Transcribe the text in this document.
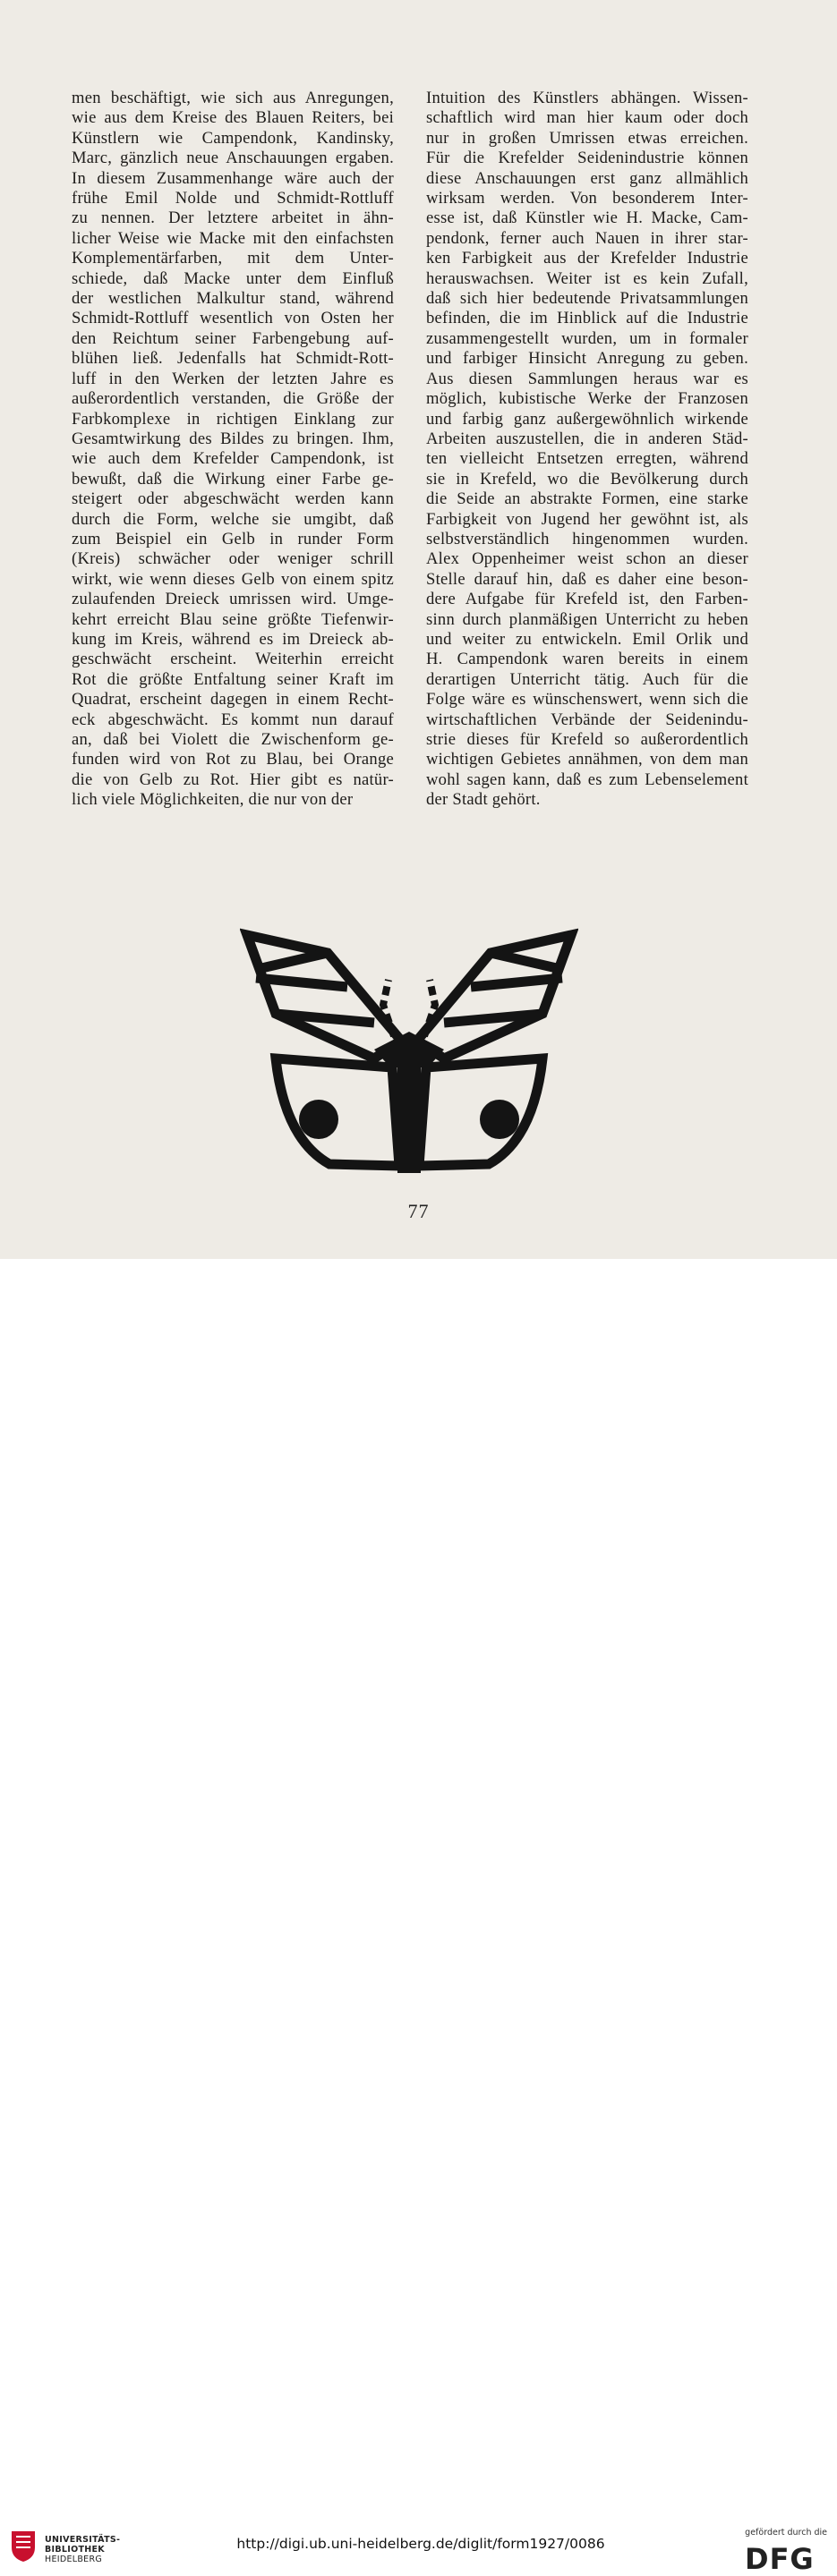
men beschäftigt, wie sich aus Anregungen,
wie aus dem Kreise des Blauen Reiters, bei
Künstlern wie Campendonk, Kandinsky,
Marc, gänzlich neue Anschauungen ergaben.
In diesem Zusammenhange wäre auch der
frühe Emil Nolde und Schmidt-Rottluff
zu nennen. Der letztere arbeitet in ähn-
licher Weise wie Macke mit den einfachsten
Komplementärfarben, mit dem Unter-
schiede, daß Macke unter dem Einfluß
der westlichen Malkultur stand, während
Schmidt-Rottluff wesentlich von Osten her
den Reichtum seiner Farbengebung auf-
blühen ließ. Jedenfalls hat Schmidt-Rott-
luff in den Werken der letzten Jahre es
außerordentlich verstanden, die Größe der
Farbkomplexe in richtigen Einklang zur
Gesamtwirkung des Bildes zu bringen. Ihm,
wie auch dem Krefelder Campendonk, ist
bewußt, daß die Wirkung einer Farbe ge-
steigert oder abgeschwächt werden kann
durch die Form, welche sie umgibt, daß
zum Beispiel ein Gelb in runder Form
(Kreis) schwächer oder weniger schrill
wirkt, wie wenn dieses Gelb von einem spitz
zulaufenden Dreieck umrissen wird. Umge-
kehrt erreicht Blau seine größte Tiefenwir-
kung im Kreis, während es im Dreieck ab-
geschwächt erscheint. Weiterhin erreicht
Rot die größte Entfaltung seiner Kraft im
Quadrat, erscheint dagegen in einem Recht-
eck abgeschwächt. Es kommt nun darauf
an, daß bei Violett die Zwischenform ge-
funden wird von Rot zu Blau, bei Orange
die von Gelb zu Rot. Hier gibt es natür-
lich viele Möglichkeiten, die nur von der
Intuition des Künstlers abhängen. Wissen-
schaftlich wird man hier kaum oder doch
nur in großen Umrissen etwas erreichen.
Für die Krefelder Seidenindustrie können
diese Anschauungen erst ganz allmählich
wirksam werden. Von besonderem Inter-
esse ist, daß Künstler wie H. Macke, Cam-
pendonk, ferner auch Nauen in ihrer star-
ken Farbigkeit aus der Krefelder Industrie
herauswachsen. Weiter ist es kein Zufall,
daß sich hier bedeutende Privatsammlungen
befinden, die im Hinblick auf die Industrie
zusammengestellt wurden, um in formaler
und farbiger Hinsicht Anregung zu geben.
Aus diesen Sammlungen heraus war es
möglich, kubistische Werke der Franzosen
und farbig ganz außergewöhnlich wirkende
Arbeiten auszustellen, die in anderen Städ-
ten vielleicht Entsetzen erregten, während
sie in Krefeld, wo die Bevölkerung durch
die Seide an abstrakte Formen, eine starke
Farbigkeit von Jugend her gewöhnt ist, als
selbstverständlich hingenommen wurden.
Alex Oppenheimer weist schon an dieser
Stelle darauf hin, daß es daher eine beson-
dere Aufgabe für Krefeld ist, den Farben-
sinn durch planmäßigen Unterricht zu heben
und weiter zu entwickeln. Emil Orlik und
H. Campendonk waren bereits in einem
derartigen Unterricht tätig. Auch für die
Folge wäre es wünschenswert, wenn sich die
wirtschaftlichen Verbände der Seidenindu-
strie dieses für Krefeld so außerordentlich
wichtigen Gebietes annähmen, von dem man
wohl sagen kann, daß es zum Lebenselement
der Stadt gehört.
77
UNIVERSITÄTS-
BIBLIOTHEK
HEIDELBERG
http://digi.ub.uni-heidelberg.de/diglit/form1927/0086
gefördert durch die
DFG
